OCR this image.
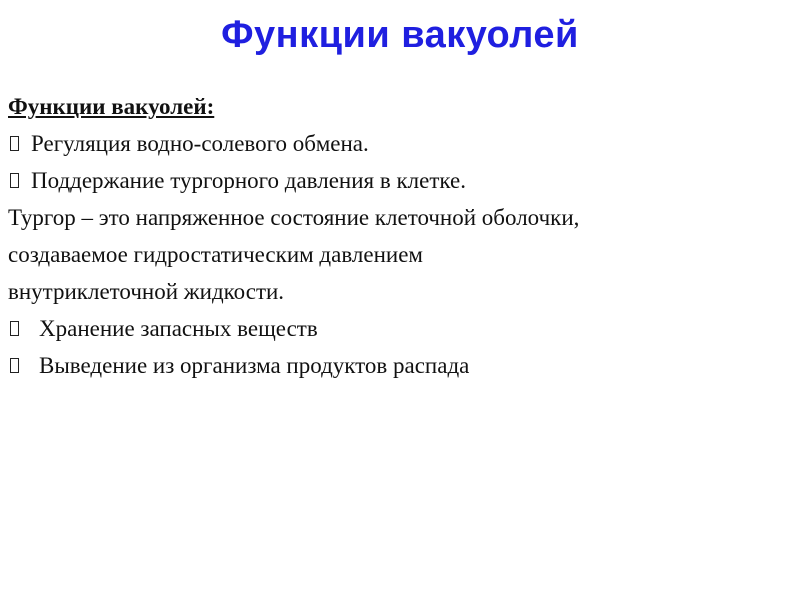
Функции вакуолей
Функции вакуолей:
Регуляция водно-солевого обмена.
Поддержание тургорного давления в клетке.
Тургор – это напряженное состояние клеточной оболочки,
создаваемое гидростатическим давлением
внутриклеточной жидкости.
Хранение запасных веществ
Выведение из организма продуктов распада
